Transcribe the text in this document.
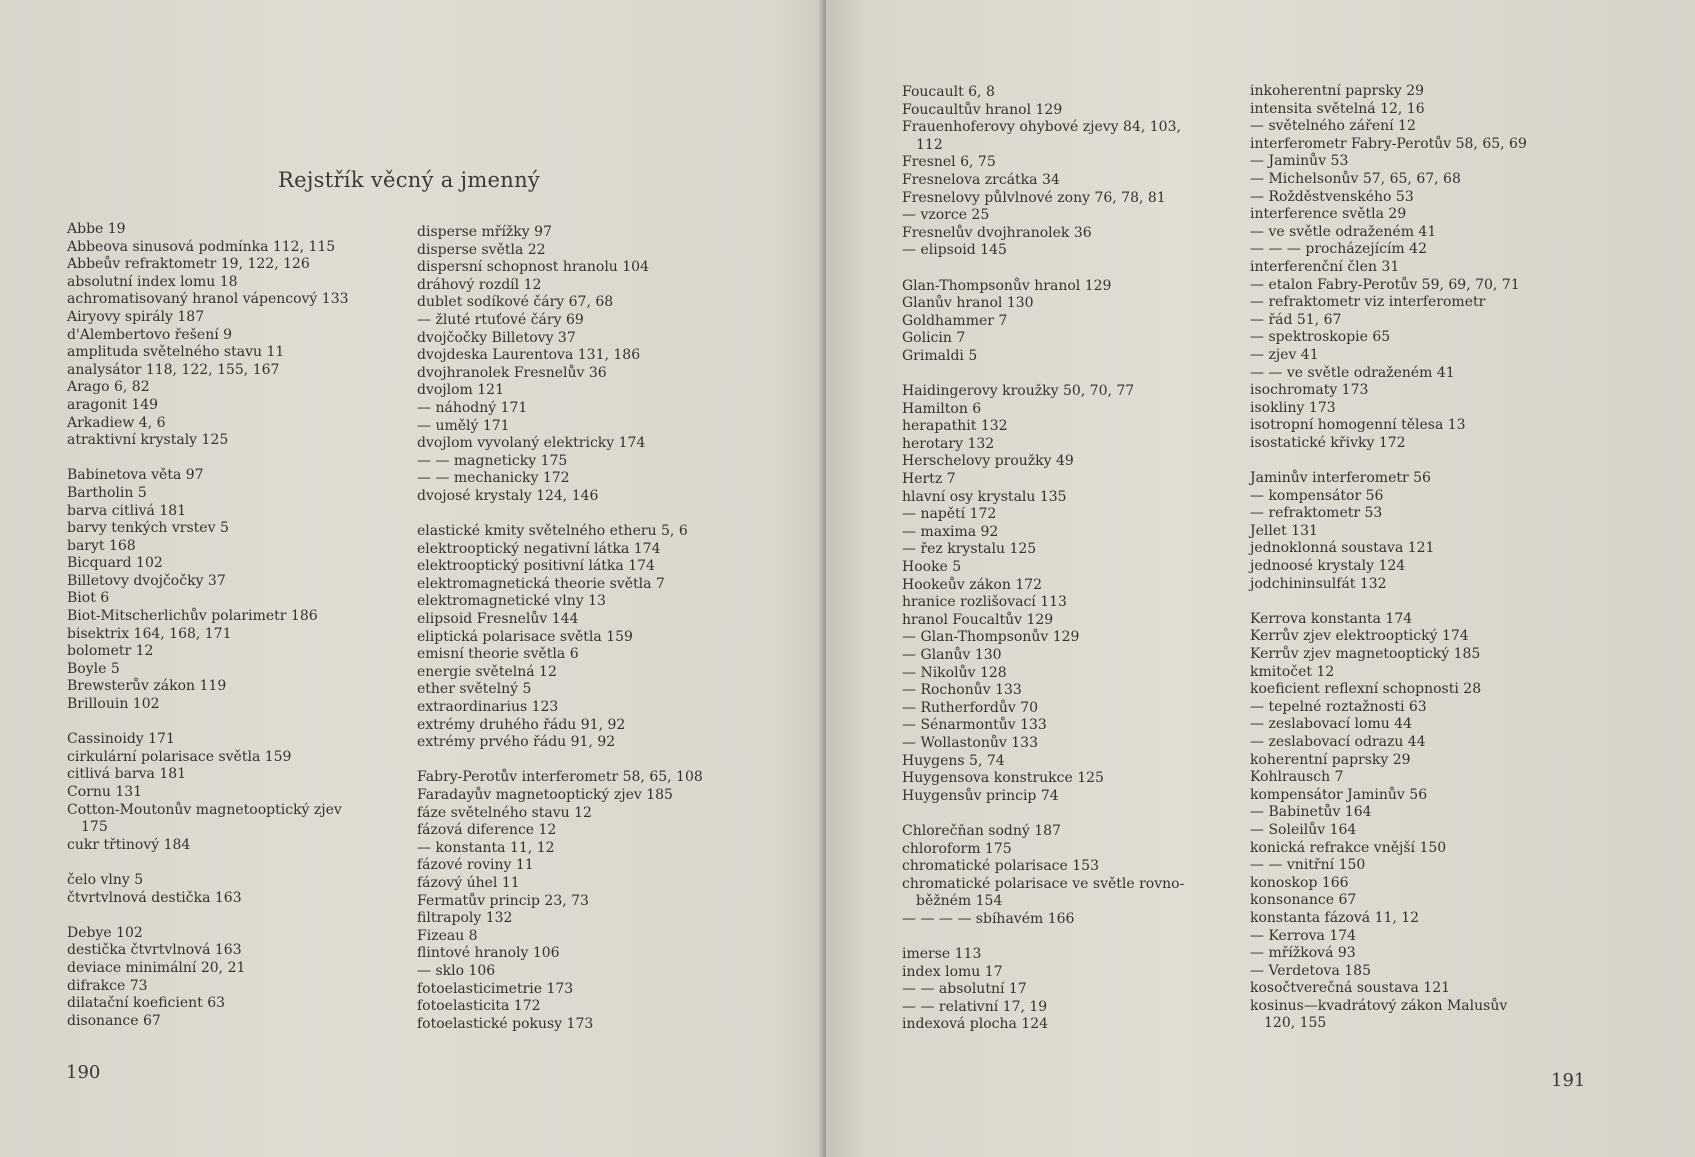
Rejstřík věcný a jmenný
Abbe 19
Abbeova sinusová podmínka 112, 115
Abbeův refraktometr 19, 122, 126
absolutní index lomu 18
achromatisovaný hranol vápencový 133
Airyovy spirály 187
d'Alembertovo řešení 9
amplituda světelného stavu 11
analysátor 118, 122, 155, 167
Arago 6, 82
aragonit 149
Arkadiew 4, 6
atraktivní krystaly 125
Babinetova věta 97
Bartholin 5
barva citlivá 181
barvy tenkých vrstev 5
baryt 168
Bicquard 102
Billetovy dvojčočky 37
Biot 6
Biot-Mitscherlichův polarimetr 186
bisektrix 164, 168, 171
bolometr 12
Boyle 5
Brewsterův zákon 119
Brillouin 102
Cassinoidy 171
cirkulární polarisace světla 159
citlivá barva 181
Cornu 131
Cotton-Moutonův magnetooptický zjev
175
cukr třtinový 184
čelo vlny 5
čtvrtvlnová destička 163
Debye 102
destička čtvrtvlnová 163
deviace minimální 20, 21
difrakce 73
dilatační koeficient 63
disonance 67
disperse mřížky 97
disperse světla 22
dispersní schopnost hranolu 104
dráhový rozdíl 12
dublet sodíkové čáry 67, 68
— žluté rtuťové čáry 69
dvojčočky Billetovy 37
dvojdeska Laurentova 131, 186
dvojhranolek Fresnelův 36
dvojlom 121
— náhodný 171
— umělý 171
dvojlom vyvolaný elektricky 174
— — magneticky 175
— — mechanicky 172
dvojosé krystaly 124, 146
elastické kmity světelného etheru 5, 6
elektrooptický negativní látka 174
elektrooptický positivní látka 174
elektromagnetická theorie světla 7
elektromagnetické vlny 13
elipsoid Fresnelův 144
eliptická polarisace světla 159
emisní theorie světla 6
energie světelná 12
ether světelný 5
extraordinarius 123
extrémy druhého řádu 91, 92
extrémy prvého řádu 91, 92
Fabry-Perotův interferometr 58, 65, 108
Faradayův magnetooptický zjev 185
fáze světelného stavu 12
fázová diference 12
— konstanta 11, 12
fázové roviny 11
fázový úhel 11
Fermatův princip 23, 73
filtrapoly 132
Fizeau 8
flintové hranoly 106
— sklo 106
fotoelasticimetrie 173
fotoelasticita 172
fotoelastické pokusy 173
190
Foucault 6, 8
Foucaultův hranol 129
Frauenhoferovy ohybové zjevy 84, 103,
112
Fresnel 6, 75
Fresnelova zrcátka 34
Fresnelovy půlvlnové zony 76, 78, 81
— vzorce 25
Fresnelův dvojhranolek 36
— elipsoid 145
Glan-Thompsonův hranol 129
Glanův hranol 130
Goldhammer 7
Golicin 7
Grimaldi 5
Haidingerovy kroužky 50, 70, 77
Hamilton 6
herapathit 132
herotary 132
Herschelovy proužky 49
Hertz 7
hlavní osy krystalu 135
— napětí 172
— maxima 92
— řez krystalu 125
Hooke 5
Hookeův zákon 172
hranice rozlišovací 113
hranol Foucaltův 129
— Glan-Thompsonův 129
— Glanův 130
— Nikolův 128
— Rochonův 133
— Rutherfordův 70
— Sénarmontův 133
— Wollastonův 133
Huygens 5, 74
Huygensova konstrukce 125
Huygensův princip 74
Chlorečňan sodný 187
chloroform 175
chromatické polarisace 153
chromatické polarisace ve světle rovno-
běžném 154
— — — — sbíhavém 166
imerse 113
index lomu 17
— — absolutní 17
— — relativní 17, 19
indexová plocha 124
inkoherentní paprsky 29
intensita světelná 12, 16
— světelného záření 12
interferometr Fabry-Perotův 58, 65, 69
— Jaminův 53
— Michelsonův 57, 65, 67, 68
— Rožděstvenského 53
interference světla 29
— ve světle odraženém 41
— — — procházejícím 42
interferenční člen 31
— etalon Fabry-Perotův 59, 69, 70, 71
— refraktometr viz interferometr
— řád 51, 67
— spektroskopie 65
— zjev 41
— — ve světle odraženém 41
isochromaty 173
isokliny 173
isotropní homogenní tělesa 13
isostatické křivky 172
Jaminův interferometr 56
— kompensátor 56
— refraktometr 53
Jellet 131
jednoklonná soustava 121
jednoosé krystaly 124
jodchininsulfát 132
Kerrova konstanta 174
Kerrův zjev elektrooptický 174
Kerrův zjev magnetooptický 185
kmitočet 12
koeficient reflexní schopnosti 28
— tepelné roztažnosti 63
— zeslabovací lomu 44
— zeslabovací odrazu 44
koherentní paprsky 29
Kohlrausch 7
kompensátor Jaminův 56
— Babinetův 164
— Soleilův 164
konická refrakce vnější 150
— — vnitřní 150
konoskop 166
konsonance 67
konstanta fázová 11, 12
— Kerrova 174
— mřížková 93
— Verdetova 185
kosočtverečná soustava 121
kosinus—kvadrátový zákon Malusův
120, 155
191
